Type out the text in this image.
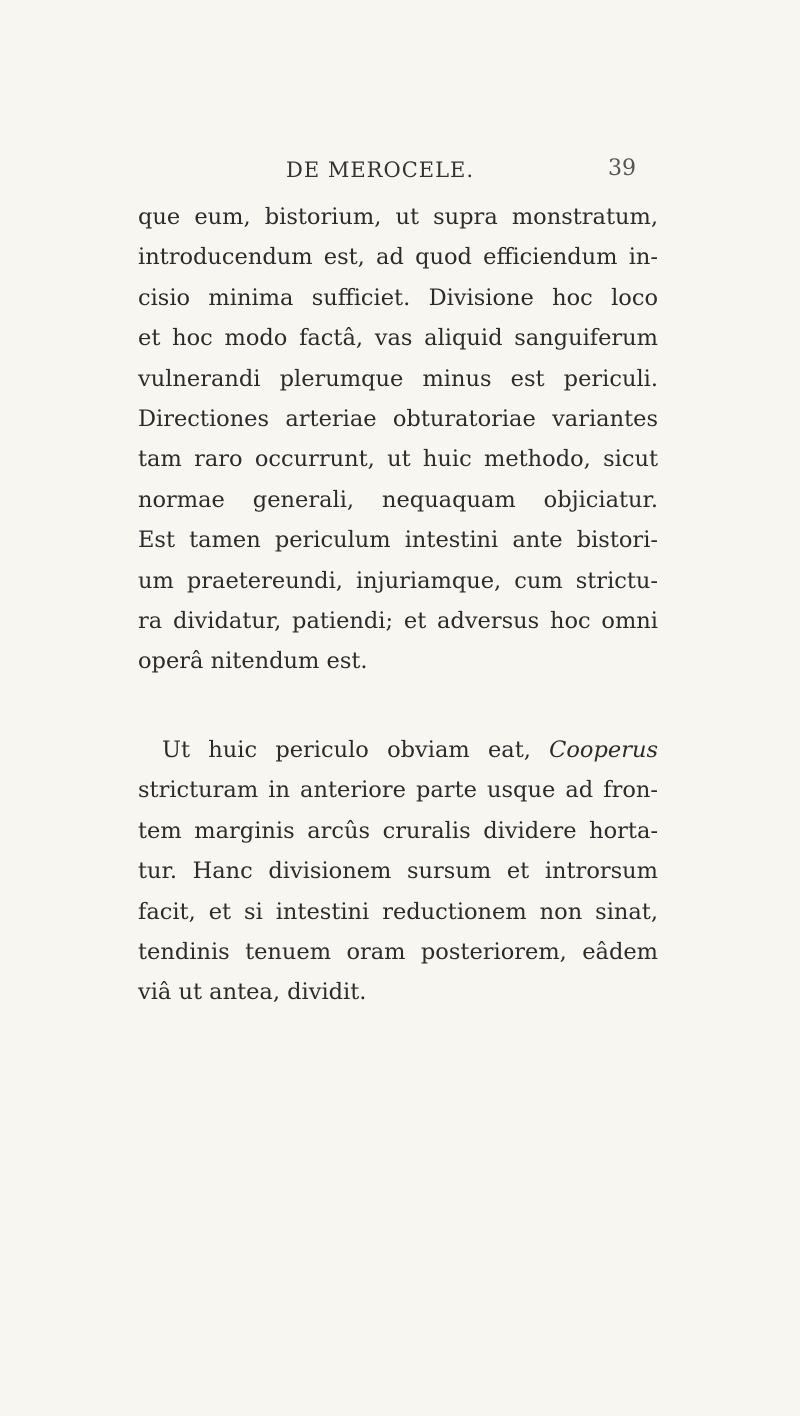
DE MEROCELE.	39
que eum, bistorium, ut supra monstratum,
introducendum est, ad quod efficiendum in-
cisio minima sufficiet. Divisione hoc loco
et hoc modo factâ, vas aliquid sanguiferum
vulnerandi plerumque minus est periculi.
Directiones arteriae obturatoriae variantes
tam raro occurrunt, ut huic methodo, sicut
normae generali, nequaquam objiciatur.
Est tamen periculum intestini ante bistori-
um praetereundi, injuriamque, cum strictu-
ra dividatur, patiendi; et adversus hoc omni
operâ nitendum est.
Ut huic periculo obviam eat, Cooperus
stricturam in anteriore parte usque ad fron-
tem marginis arcûs cruralis dividere horta-
tur. Hanc divisionem sursum et introrsum
facit, et si intestini reductionem non sinat,
tendinis tenuem oram posteriorem, eâdem
viâ ut antea, dividit.
